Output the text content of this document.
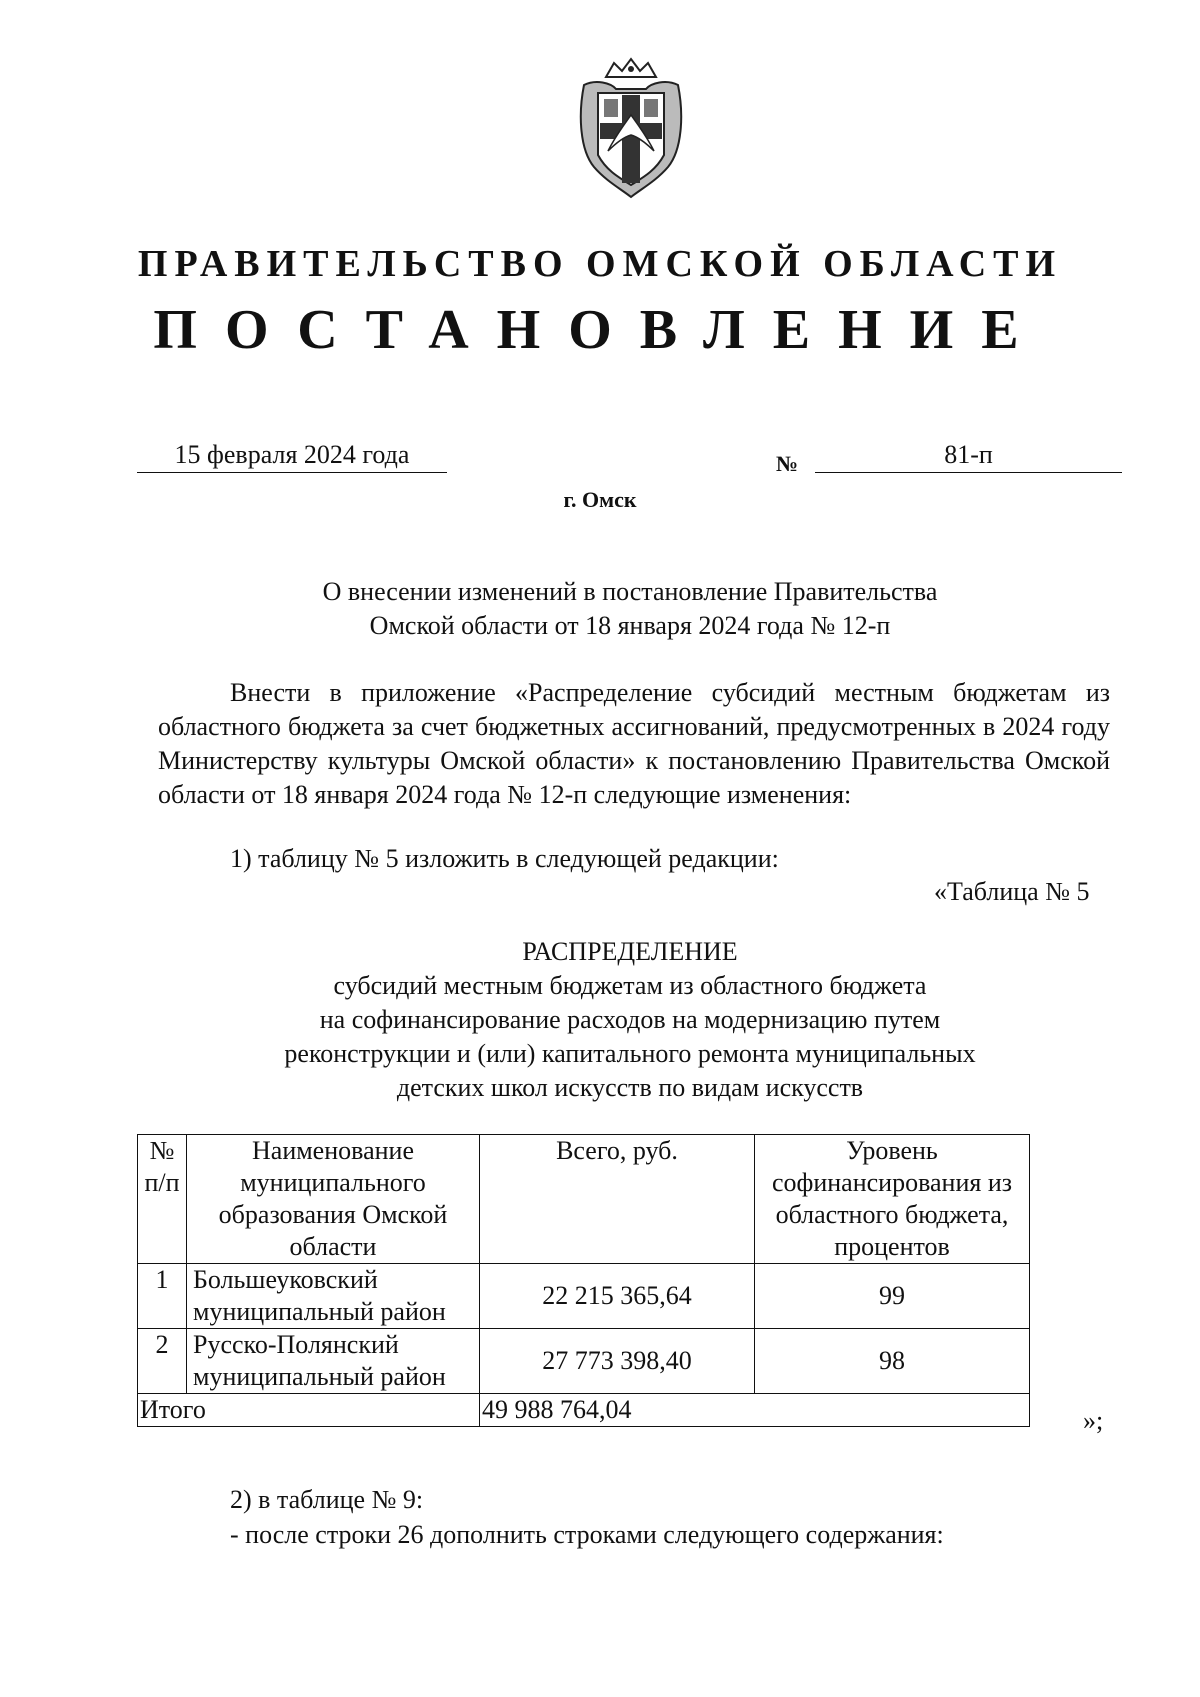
ПРАВИТЕЛЬСТВО ОМСКОЙ ОБЛАСТИ
ПОСТАНОВЛЕНИЕ
15 февраля 2024 года	№	81-п
г. Омск
О внесении изменений в постановление Правительства
Омской области от 18 января 2024 года № 12-п
Внести в приложение «Распределение субсидий местным бюджетам из областного бюджета за счет бюджетных ассигнований, предусмотренных в 2024 году Министерству культуры Омской области» к постановлению Правительства Омской области от 18 января 2024 года № 12-п следующие изменения:
1) таблицу № 5 изложить в следующей редакции:
«Таблица № 5
РАСПРЕДЕЛЕНИЕ
субсидий местным бюджетам из областного бюджета
на софинансирование расходов на модернизацию путем
реконструкции и (или) капитального ремонта муниципальных
детских школ искусств по видам искусств
№ п/п	Наименование муниципального образования Омской области	Всего, руб.	Уровень софинансирования из областного бюджета, процентов
1	Большеуковский муниципальный район	22 215 365,64	99
2	Русско-Полянский муниципальный район	27 773 398,40	98
Итого		49 988 764,04		»;
2) в таблице № 9:
- после строки 26 дополнить строками следующего содержания:
